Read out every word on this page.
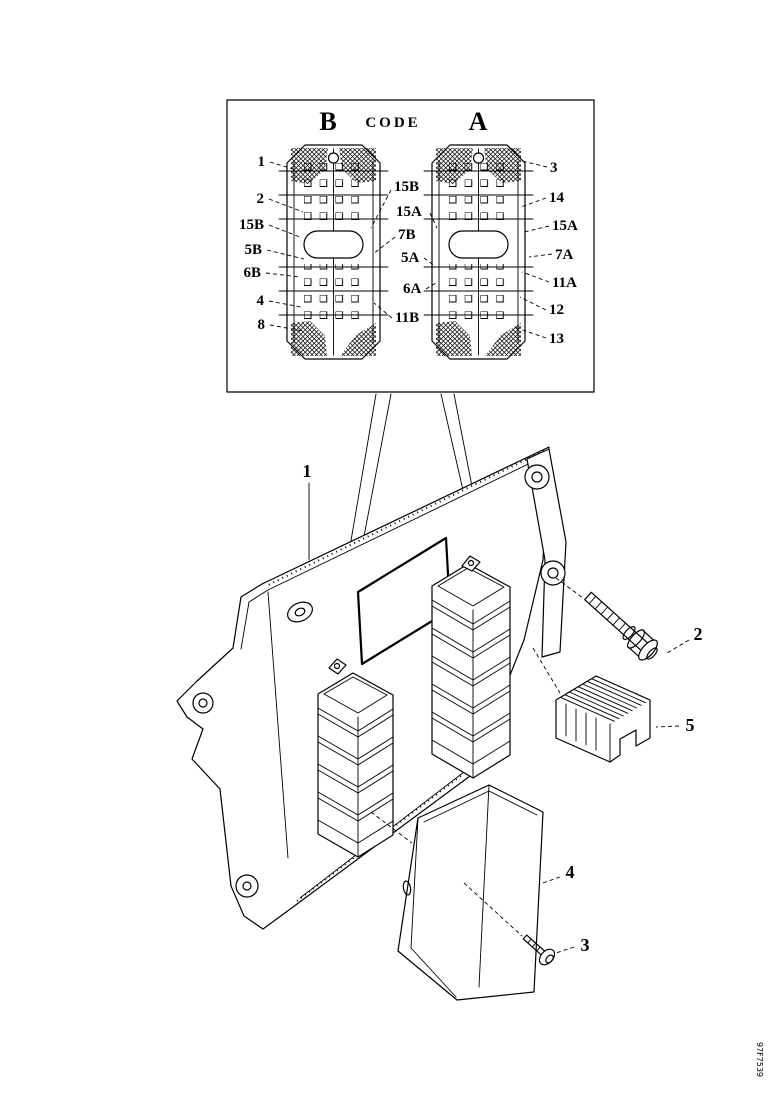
B CODE A
1
2
15B
5B
6B
4
8
15B
15A
7B
5A
6A
11B
3
14
15A
7A
11A
12
13
1
2
5
4
3
97F7539
